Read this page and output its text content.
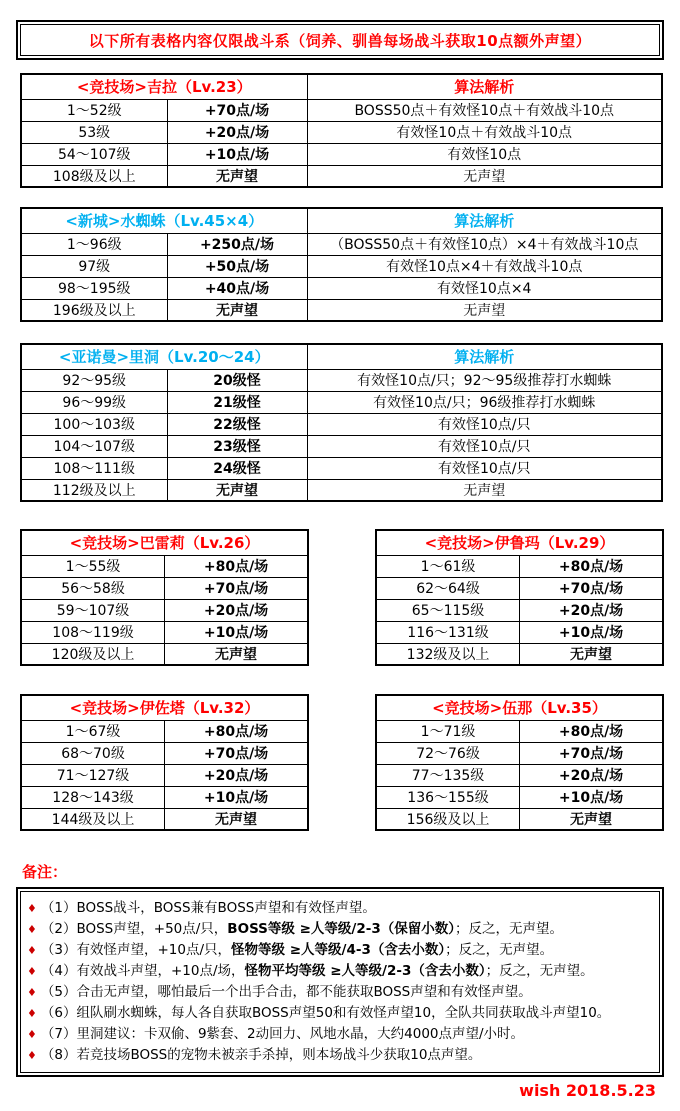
以下所有表格内容仅限战斗系（饲养、驯兽每场战斗获取10点额外声望）
<竞技场>吉拉（Lv.23）		算法解析
1～52级	+70点/场	BOSS50点＋有效怪10点＋有效战斗10点
53级	+20点/场	有效怪10点＋有效战斗10点
54～107级	+10点/场	有效怪10点
108级及以上	无声望	无声望
<新城>水蜘蛛（Lv.45×4）		算法解析
1～96级	+250点/场	（BOSS50点＋有效怪10点）×4＋有效战斗10点
97级	+50点/场	有效怪10点×4＋有效战斗10点
98～195级	+40点/场	有效怪10点×4
196级及以上	无声望	无声望
<亚诺曼>里洞（Lv.20～24）		算法解析
92～95级	20级怪	有效怪10点/只；92～95级推荐打水蜘蛛
96～99级	21级怪	有效怪10点/只；96级推荐打水蜘蛛
100～103级	22级怪	有效怪10点/只
104～107级	23级怪	有效怪10点/只
108～111级	24级怪	有效怪10点/只
112级及以上	无声望	无声望
<竞技场>巴雷莉（Lv.26）	
1～55级	+80点/场
56～58级	+70点/场
59～107级	+20点/场
108～119级	+10点/场
120级及以上	无声望
<竞技场>伊鲁玛（Lv.29）	
1～61级	+80点/场
62～64级	+70点/场
65～115级	+20点/场
116～131级	+10点/场
132级及以上	无声望
<竞技场>伊佐塔（Lv.32）	
1～67级	+80点/场
68～70级	+70点/场
71～127级	+20点/场
128～143级	+10点/场
144级及以上	无声望
<竞技场>伍那（Lv.35）	
1～71级	+80点/场
72～76级	+70点/场
77～135级	+20点/场
136～155级	+10点/场
156级及以上	无声望
备注：
♦ （1）BOSS战斗，BOSS兼有BOSS声望和有效怪声望。
♦ （2）BOSS声望，+50点/只，BOSS等级 ≥人等级/2-3（保留小数）；反之，无声望。
♦ （3）有效怪声望，+10点/只，怪物等级 ≥人等级/4-3（含去小数）；反之，无声望。
♦ （4）有效战斗声望，+10点/场，怪物平均等级 ≥人等级/2-3（含去小数）；反之，无声望。
♦ （5）合击无声望，哪怕最后一个出手合击，都不能获取BOSS声望和有效怪声望。
♦ （6）组队刷水蜘蛛，每人各自获取BOSS声望50和有效怪声望10，全队共同获取战斗声望10。
♦ （7）里洞建议：卡双偷、9紫套、2动回力、风地水晶，大约4000点声望/小时。
♦ （8）若竞技场BOSS的宠物未被亲手杀掉，则本场战斗少获取10点声望。
wish 2018.5.23
